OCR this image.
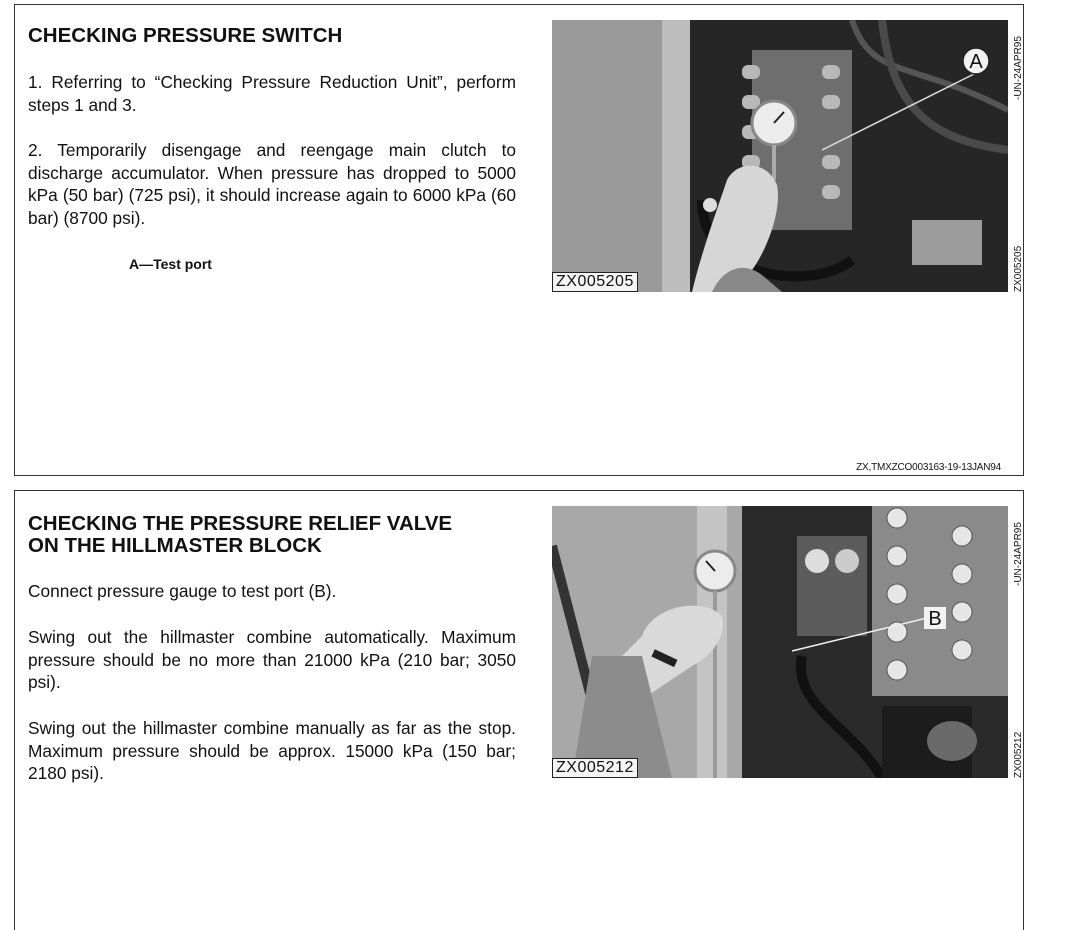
CHECKING PRESSURE SWITCH

1. Referring to “Checking Pressure Reduction Unit”, perform steps 1 and 3.

2. Temporarily disengage and reengage main clutch to discharge accumulator. When pressure has dropped to 5000 kPa (50 bar) (725 psi), it should increase again to 6000 kPa (60 bar) (8700 psi).

A—Test port

A
ZX005205
-UN-24APR95
ZX005205
ZX,TMXZCO003163-19-13JAN94
CHECKING THE PRESSURE RELIEF VALVE
ON THE HILLMASTER BLOCK

Connect pressure gauge to test port (B).

Swing out the hillmaster combine automatically. Maximum pressure should be no more than 21000 kPa (210 bar; 3050 psi).

Swing out the hillmaster combine manually as far as the stop. Maximum pressure should be approx. 15000 kPa (150 bar; 2180 psi).

B
ZX005212
-UN-24APR95
ZX005212
